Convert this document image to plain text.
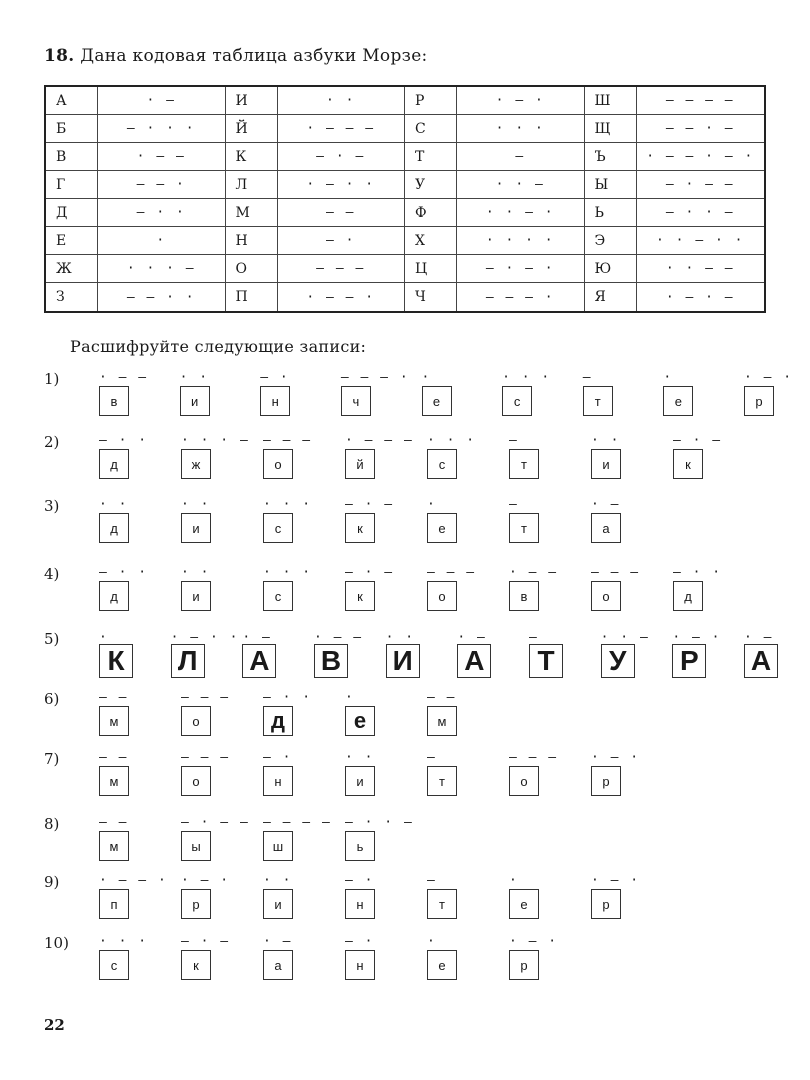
18. Дана кодовая таблица азбуки Морзе:
А	· —
Б	— · · ·
В	· — —
Г	— — ·
Д	— · ·
Е	·
Ж	· · · —
З	— — · ·
И	· ·
Й	· — — —
К	— · —
Л	· — · ·
М	— —
Н	— ·
О	— — —
П	· — — ·
Р	· — ·
С	· · ·
Т	—
У	· · —
Ф	· · — ·
Х	· · · ·
Ц	— · — ·
Ч	— — — ·
Ш	— — — —
Щ	— — · —
Ъ	· — — · — ·
Ы	— · — —
Ь	— · · —
Э	· · — · ·
Ю	· · — —
Я	· — · —
Расшифруйте следующие записи:
1)	· — —
в
· ·
и
— ·
н
— — — ·
ч
·
е
· · ·
с
—
т
·
е
· — ·
р
2)	— · ·
д
· · · —
ж
— — —
о
· — — —
й
· · ·
с
—
т
· ·
и
— · —
к
3)	· ·
д
· ·
и
· · ·
с
— · —
к
·
е
—
т
· —
а
4)	— · ·
д
· ·
и
· · ·
с
— · —
к
— — —
о
· — —
в
— — —
о
— · ·
д
5)	·
К
· — · ·
Л
· —
А
· — —
В
· ·
И
· —
А
—
Т
· · —
У
· — ·
Р
· —
А
6)	— —
м
— — —
о
— · ·
д
·
е
— —
м
7)	— —
м
— — —
о
— ·
н
· ·
и
—
т
— — —
о
· — ·
р
8)	— —
м
— · — —
ы
— — — —
ш
— · · —
ь
9)	· — — ·
п
· — ·
р
· ·
и
— ·
н
—
т
·
е
· — ·
р
10) · · ·
с
— · —
к
· —
а
— ·
н
·
е
· — ·
р
22
